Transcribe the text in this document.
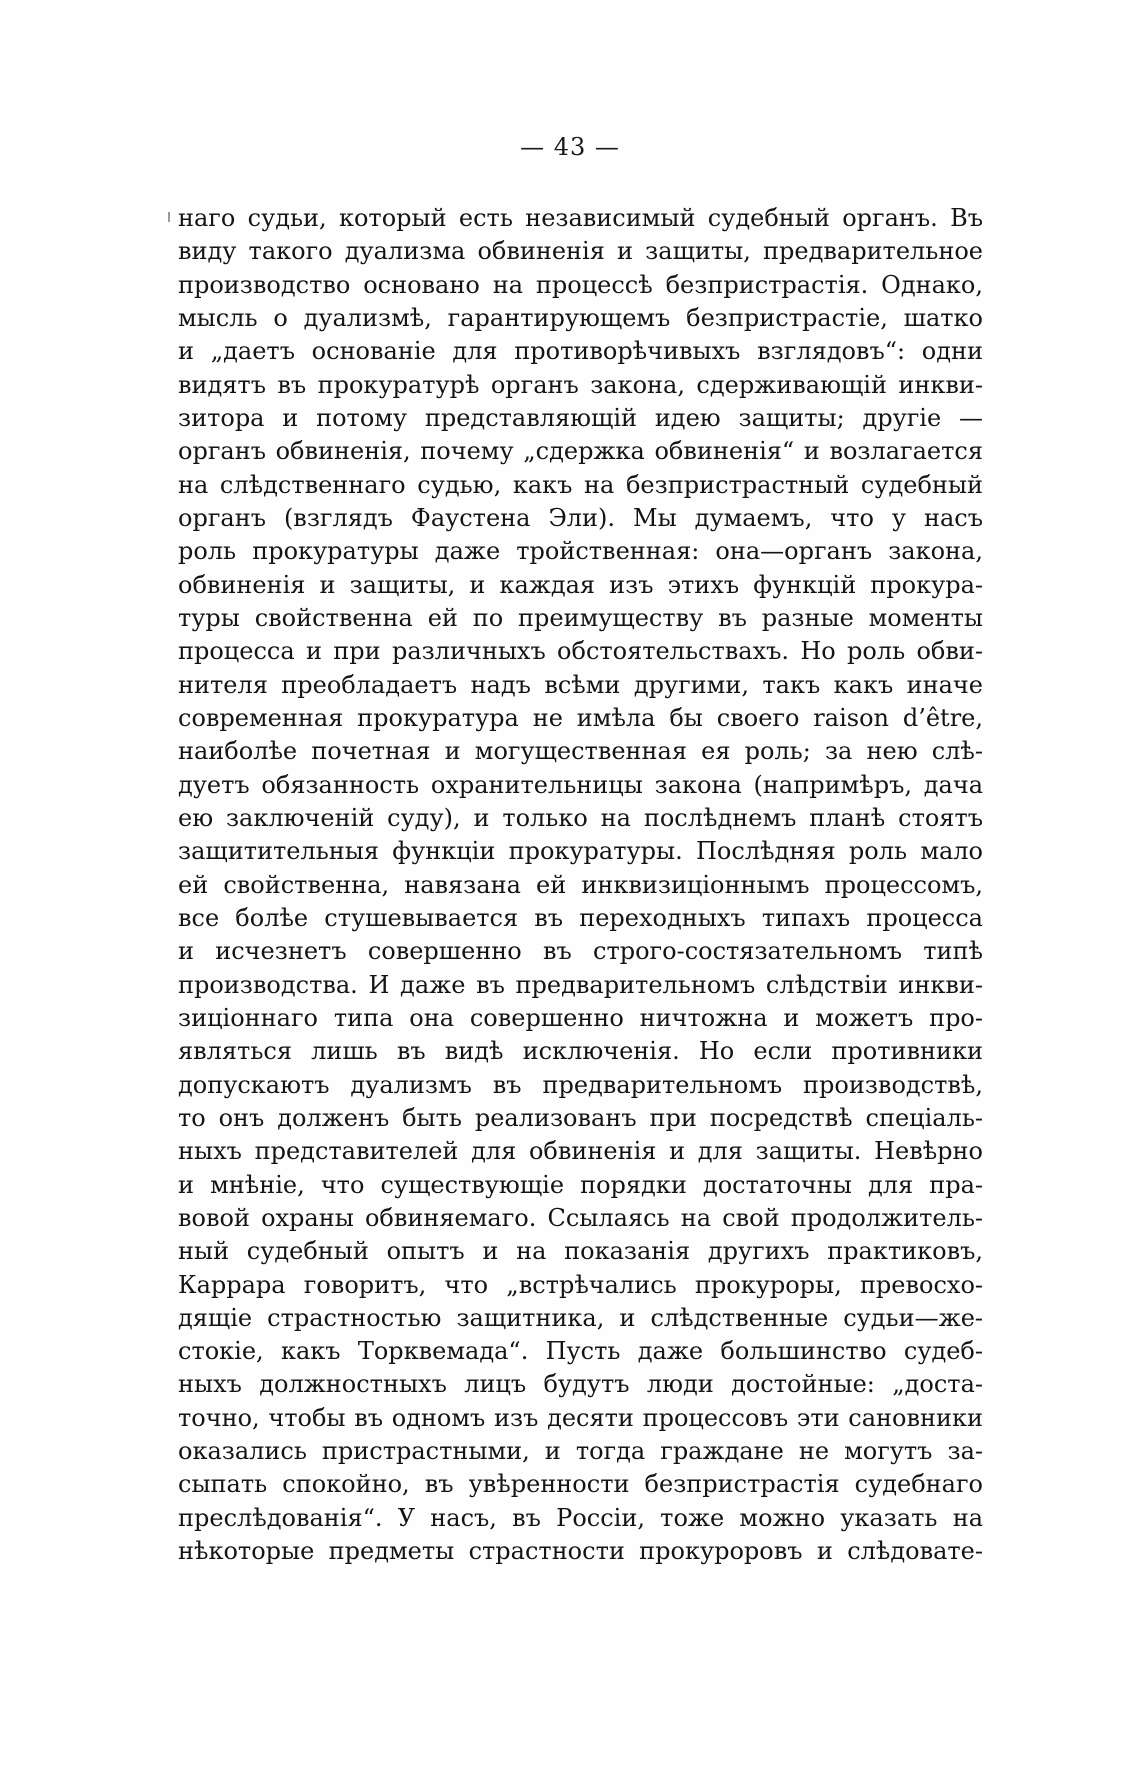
— 43 —
наго судьи, который есть независимый судебный органъ. Въ
виду такого дуализма обвиненія и защиты, предварительное
производство основано на процессѣ безпристрастія. Однако,
мысль о дуализмѣ, гарантирующемъ безпристрастіе, шатко
и „даетъ основаніе для противорѣчивыхъ взглядовъ“: одни
видятъ въ прокуратурѣ органъ закона, сдерживающій инкви-
зитора и потому представляющій идею защиты; другіе —
органъ обвиненія, почему „сдержка обвиненія“ и возлагается
на слѣдственнаго судью, какъ на безпристрастный судебный
органъ (взглядъ Фаустена Эли). Мы думаемъ, что у насъ
роль прокуратуры даже тройственная: она—органъ закона,
обвиненія и защиты, и каждая изъ этихъ функцій прокура-
туры свойственна ей по преимуществу въ разные моменты
процесса и при различныхъ обстоятельствахъ. Но роль обви-
нителя преобладаетъ надъ всѣми другими, такъ какъ иначе
современная прокуратура не имѣла бы своего raison d’être,
наиболѣе почетная и могущественная ея роль; за нею слѣ-
дуетъ обязанность охранительницы закона (напримѣръ, дача
ею заключеній суду), и только на послѣднемъ планѣ стоятъ
защитительныя функціи прокуратуры. Послѣдняя роль мало
ей свойственна, навязана ей инквизиціоннымъ процессомъ,
все болѣе стушевывается въ переходныхъ типахъ процесса
и исчезнетъ совершенно въ строго-состязательномъ типѣ
производства. И даже въ предварительномъ слѣдствіи инкви-
зиціоннаго типа она совершенно ничтожна и можетъ про-
являться лишь въ видѣ исключенія. Но если противники
допускаютъ дуализмъ въ предварительномъ производствѣ,
то онъ долженъ быть реализованъ при посредствѣ спеціаль-
ныхъ представителей для обвиненія и для защиты. Невѣрно
и мнѣніе, что существующіе порядки достаточны для пра-
вовой охраны обвиняемаго. Ссылаясь на свой продолжитель-
ный судебный опытъ и на показанія другихъ практиковъ,
Каррара говоритъ, что „встрѣчались прокуроры, превосхо-
дящіе страстностью защитника, и слѣдственные судьи—же-
стокіе, какъ Торквемада“. Пусть даже большинство судеб-
ныхъ должностныхъ лицъ будутъ люди достойные: „доста-
точно, чтобы въ одномъ изъ десяти процессовъ эти сановники
оказались пристрастными, и тогда граждане не могутъ за-
сыпать спокойно, въ увѣренности безпристрастія судебнаго
преслѣдованія“. У насъ, въ Россіи, тоже можно указать на
нѣкоторые предметы страстности прокуроровъ и слѣдовате-
